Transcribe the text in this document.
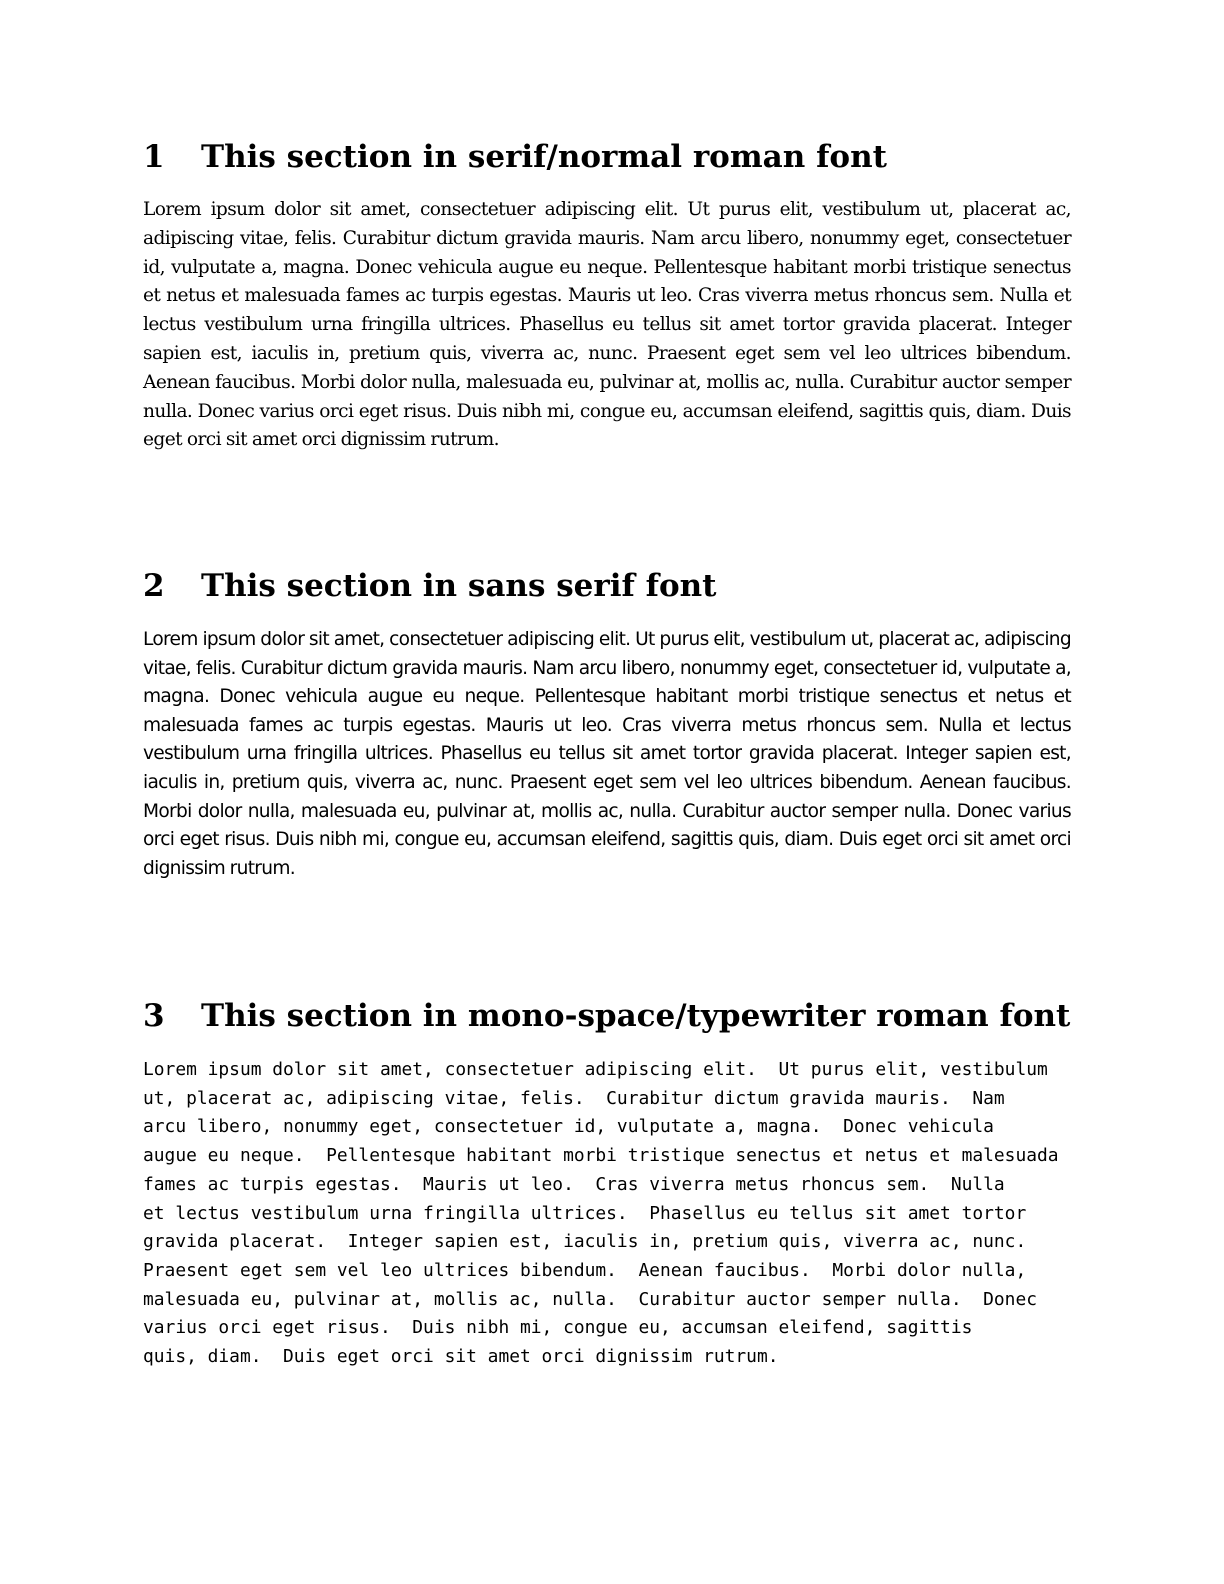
1 This section in serif/normal roman font

Lorem ipsum dolor sit amet, consectetuer adipiscing elit. Ut purus elit, vestibulum ut, placerat ac, adipiscing vitae, felis. Curabitur dictum gravida mauris. Nam arcu libero, nonummy eget, consectetuer id, vulputate a, magna. Donec vehicula augue eu neque. Pellentesque habitant morbi tristique senectus et netus et malesuada fames ac turpis egestas. Mauris ut leo. Cras viverra metus rhoncus sem. Nulla et lectus vestibulum urna fringilla ultrices. Phasellus eu tellus sit amet tortor gravida placerat. Integer sapien est, iaculis in, pretium quis, viverra ac, nunc. Praesent eget sem vel leo ultrices bibendum. Aenean faucibus. Morbi dolor nulla, malesuada eu, pulvinar at, mollis ac, nulla. Curabitur auctor semper nulla. Donec varius orci eget risus. Duis nibh mi, congue eu, accumsan eleifend, sagittis quis, diam. Duis eget orci sit amet orci dignissim rutrum.

2 This section in sans serif font

Lorem ipsum dolor sit amet, consectetuer adipiscing elit. Ut purus elit, vestibulum ut, placerat ac, adipiscing vitae, felis. Curabitur dictum gravida mauris. Nam arcu libero, nonummy eget, consectetuer id, vulputate a, magna. Donec vehicula augue eu neque. Pellentesque habitant morbi tristique senectus et netus et malesuada fames ac turpis egestas. Mauris ut leo. Cras viverra metus rhoncus sem. Nulla et lectus vestibulum urna fringilla ultrices. Phasellus eu tellus sit amet tortor gravida placerat. Integer sapien est, iaculis in, pretium quis, viverra ac, nunc. Praesent eget sem vel leo ultrices bibendum. Aenean faucibus. Morbi dolor nulla, malesuada eu, pulvinar at, mollis ac, nulla. Curabitur auctor semper nulla. Donec varius orci eget risus. Duis nibh mi, congue eu, accumsan eleifend, sagittis quis, diam. Duis eget orci sit amet orci dignissim rutrum.

3 This section in mono-space/typewriter roman font

Lorem ipsum dolor sit amet, consectetuer adipiscing elit.  Ut purus elit, vestibulum
ut, placerat ac, adipiscing vitae, felis.  Curabitur dictum gravida mauris.  Nam
arcu libero, nonummy eget, consectetuer id, vulputate a, magna.  Donec vehicula
augue eu neque.  Pellentesque habitant morbi tristique senectus et netus et malesuada
fames ac turpis egestas.  Mauris ut leo.  Cras viverra metus rhoncus sem.  Nulla
et lectus vestibulum urna fringilla ultrices.  Phasellus eu tellus sit amet tortor
gravida placerat.  Integer sapien est, iaculis in, pretium quis, viverra ac, nunc.
Praesent eget sem vel leo ultrices bibendum.  Aenean faucibus.  Morbi dolor nulla,
malesuada eu, pulvinar at, mollis ac, nulla.  Curabitur auctor semper nulla.  Donec
varius orci eget risus.  Duis nibh mi, congue eu, accumsan eleifend, sagittis
quis, diam.  Duis eget orci sit amet orci dignissim rutrum.
